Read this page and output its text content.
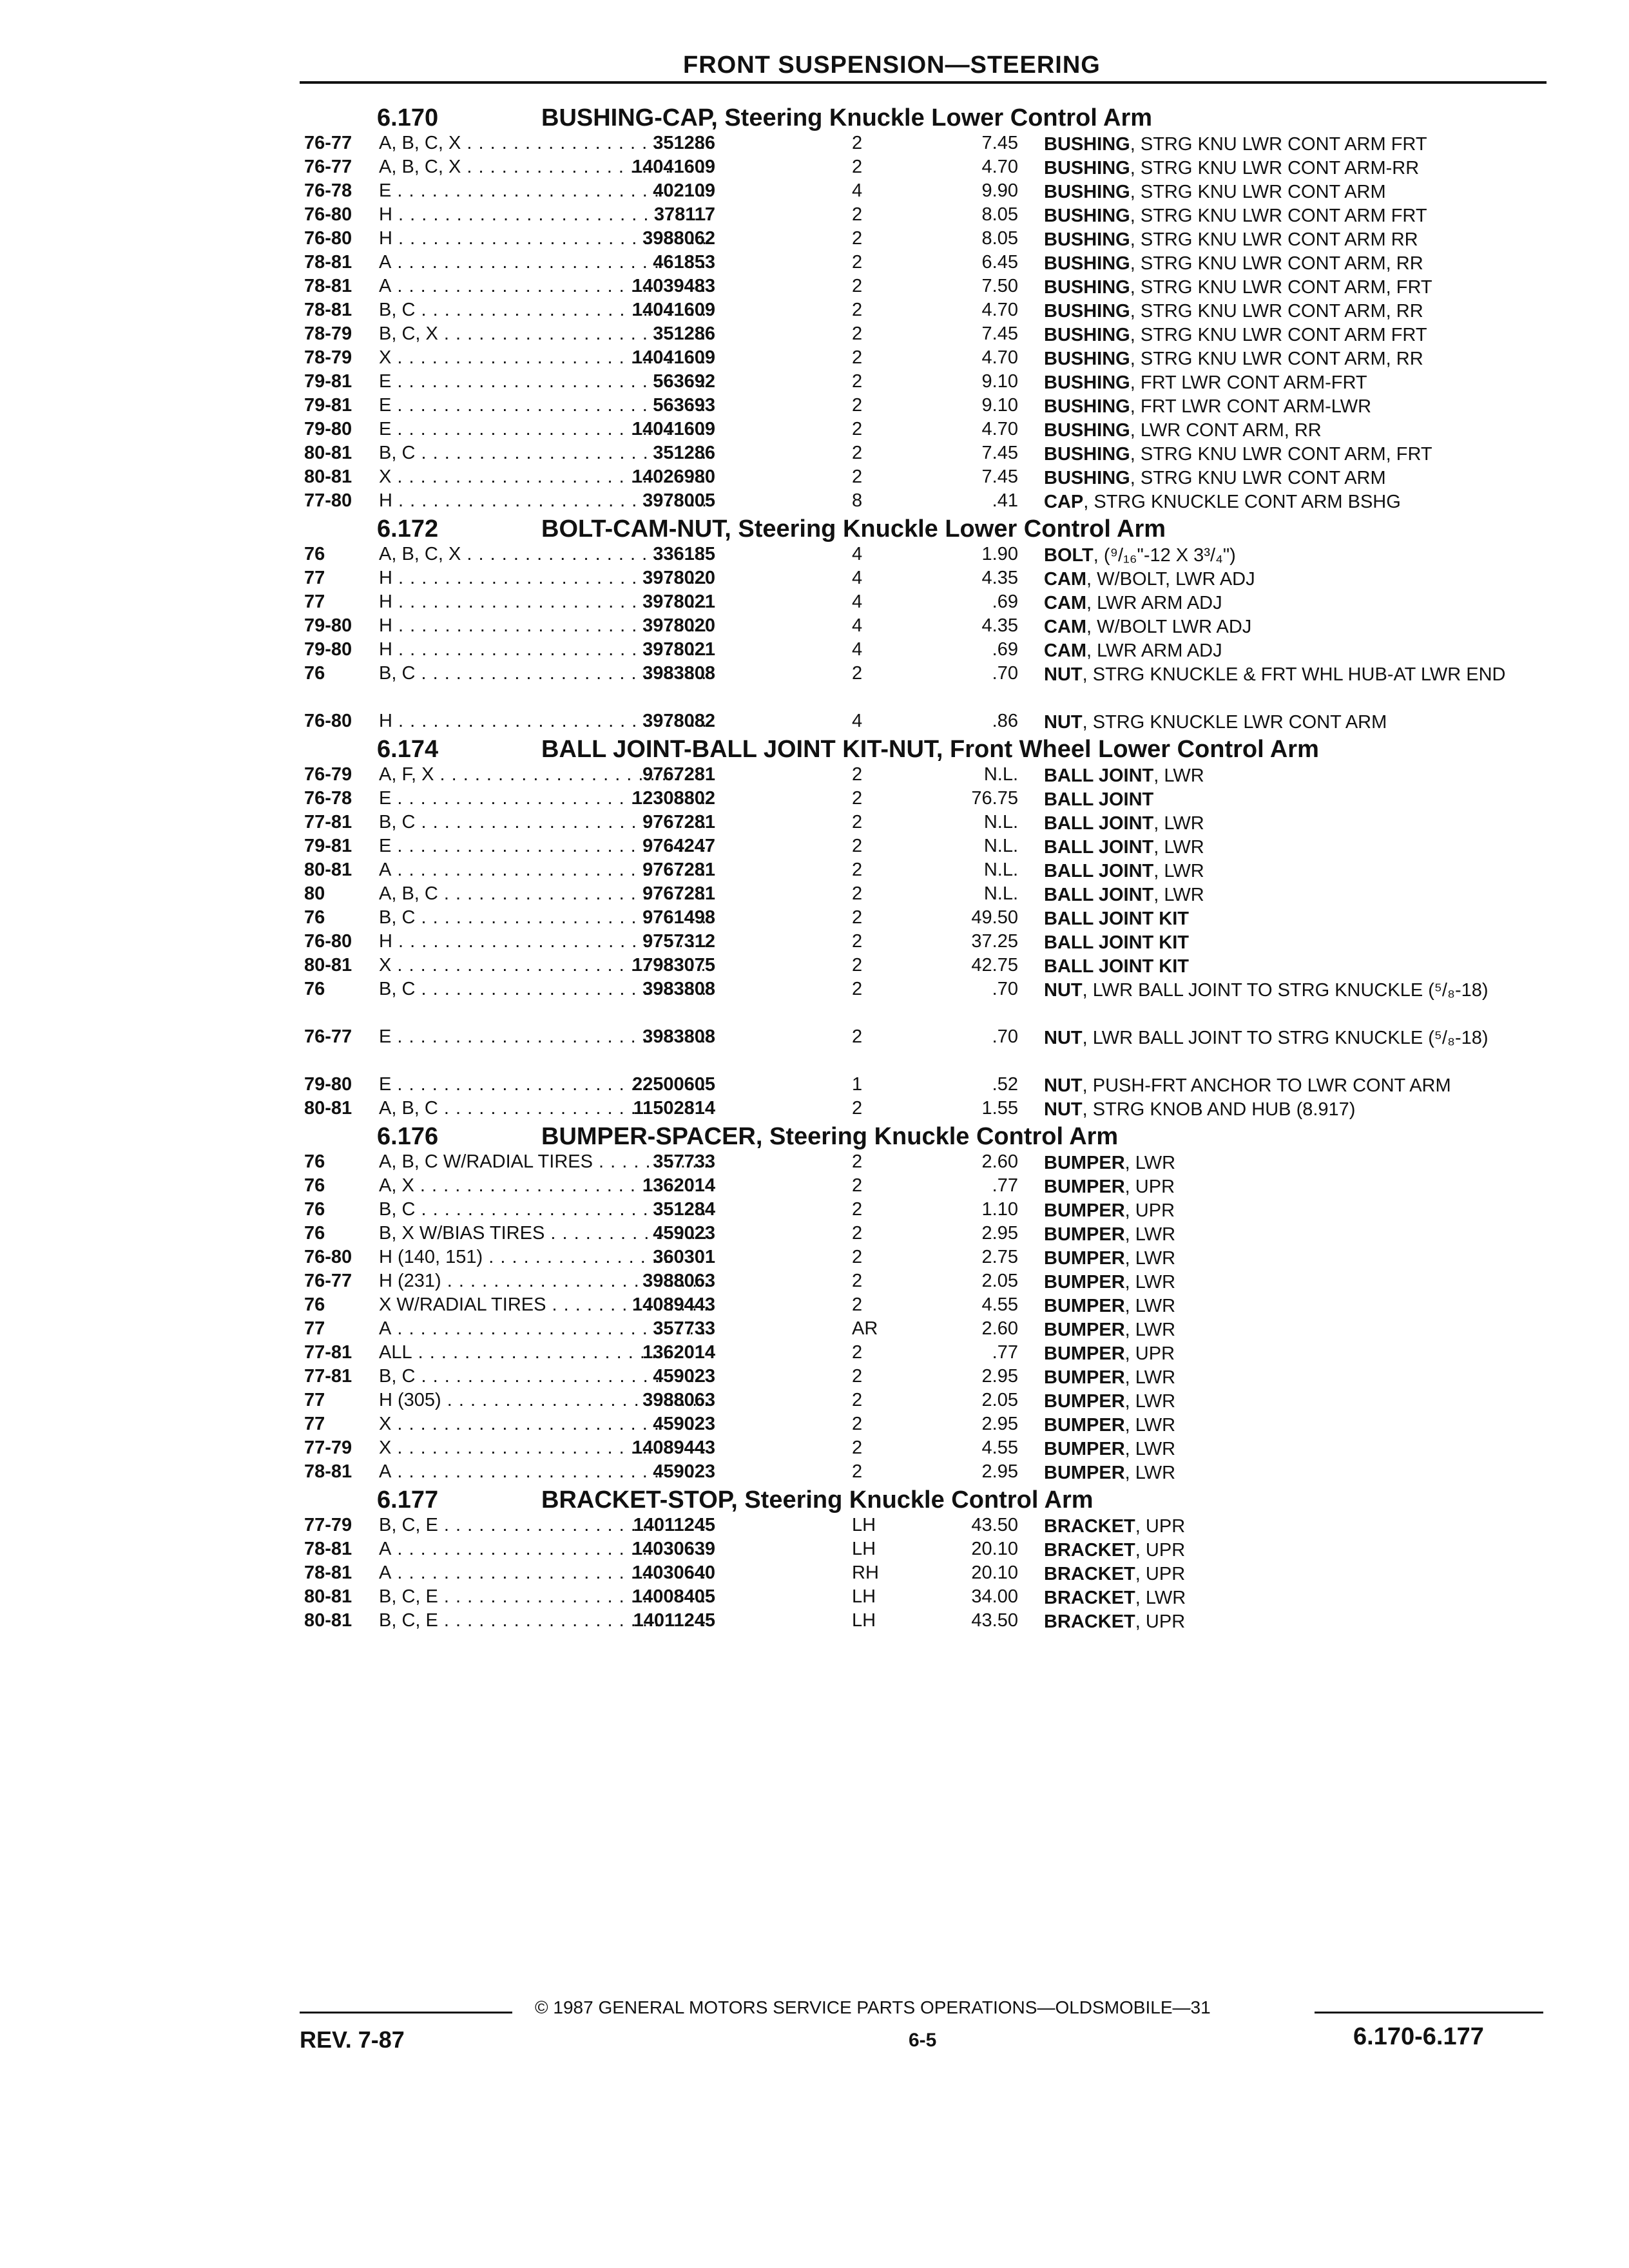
FRONT SUSPENSION—STEERING
6.170	BUSHING-CAP, Steering Knuckle Lower Control Arm
76-77 A, B, C, X . . .	351286	2	7.45 BUSHING, STRG KNU LWR CONT ARM FRT
76-77 A, B, C, X . . .	14041609	2	4.70 BUSHING, STRG KNU LWR CONT ARM-RR
76-78 E . . .	402109	4	9.90 BUSHING, STRG KNU LWR CONT ARM
76-80 H . . .	378117	2	8.05 BUSHING, STRG KNU LWR CONT ARM FRT
76-80 H . . .	3988062	2	8.05 BUSHING, STRG KNU LWR CONT ARM RR
78-81 A . . .	461853	2	6.45 BUSHING, STRG KNU LWR CONT ARM, RR
78-81 A . . .	14039483	2	7.50 BUSHING, STRG KNU LWR CONT ARM, FRT
78-81 B, C . . .	14041609	2	4.70 BUSHING, STRG KNU LWR CONT ARM, RR
78-79 B, C, X . . .	351286	2	7.45 BUSHING, STRG KNU LWR CONT ARM FRT
78-79 X . . .	14041609	2	4.70 BUSHING, STRG KNU LWR CONT ARM, RR
79-81 E . . .	563692	2	9.10 BUSHING, FRT LWR CONT ARM-FRT
79-81 E . . .	563693	2	9.10 BUSHING, FRT LWR CONT ARM-LWR
79-80 E . . .	14041609	2	4.70 BUSHING, LWR CONT ARM, RR
80-81 B, C . . .	351286	2	7.45 BUSHING, STRG KNU LWR CONT ARM, FRT
80-81 X . . .	14026980	2	7.45 BUSHING, STRG KNU LWR CONT ARM
77-80 H . . .	3978005	8	.41 CAP, STRG KNUCKLE CONT ARM BSHG
6.172	BOLT-CAM-NUT, Steering Knuckle Lower Control Arm
76	A, B, C, X . . .	336185	4	1.90 BOLT, (⁹/₁₆"-12 X 3³/₄")
77	H . . .	3978020	4	4.35 CAM, W/BOLT, LWR ADJ
77	H . . .	3978021	4	.69 CAM, LWR ARM ADJ
79-80 H . . .	3978020	4	4.35 CAM, W/BOLT LWR ADJ
79-80 H . . .	3978021	4	.69 CAM, LWR ARM ADJ
76	B, C . . .	3983808	2	.70 NUT, STRG KNUCKLE & FRT WHL HUB-AT LWR END
76-80 H . . .	3978082	4	.86 NUT, STRG KNUCKLE LWR CONT ARM
6.174	BALL JOINT-BALL JOINT KIT-NUT, Front Wheel Lower Control Arm
76-79 A, F, X . . .	9767281	2	N.L. BALL JOINT, LWR
76-78 E . . .	12308802	2	76.75 BALL JOINT
77-81 B, C . . .	9767281	2	N.L. BALL JOINT, LWR
79-81 E . . .	9764247	2	N.L. BALL JOINT, LWR
80-81 A . . .	9767281	2	N.L. BALL JOINT, LWR
80	A, B, C . . .	9767281	2	N.L. BALL JOINT, LWR
76	B, C . . .	9761498	2	49.50 BALL JOINT KIT
76-80 H . . .	9757312	2	37.25 BALL JOINT KIT
80-81 X . . .	17983075	2	42.75 BALL JOINT KIT
76	B, C . . .	3983808	2	.70 NUT, LWR BALL JOINT TO STRG KNUCKLE (⁵/₈-18)
76-77 E . . .	3983808	2	.70 NUT, LWR BALL JOINT TO STRG KNUCKLE (⁵/₈-18)
79-80 E . . .	22500605	1	.52 NUT, PUSH-FRT ANCHOR TO LWR CONT ARM
80-81 A, B, C . . .	11502814	2	1.55 NUT, STRG KNOB AND HUB (8.917)
6.176	BUMPER-SPACER, Steering Knuckle Control Arm
76	A, B, C W/RADIAL TIRES . . .	357733	2	2.60 BUMPER, LWR
76	A, X . . .	1362014	2	.77 BUMPER, UPR
76	B, C . . .	351284	2	1.10 BUMPER, UPR
76	B, X W/BIAS TIRES . . .	459023	2	2.95 BUMPER, LWR
76-80 H (140, 151) . . .	360301	2	2.75 BUMPER, LWR
76-77 H (231) . . .	3988063	2	2.05 BUMPER, LWR
76	X W/RADIAL TIRES . . .	14089443	2	4.55 BUMPER, LWR
77	A . . .	357733	AR	2.60 BUMPER, LWR
77-81 ALL . . .	1362014	2	.77 BUMPER, UPR
77-81 B, C . . .	459023	2	2.95 BUMPER, LWR
77	H (305) . . .	3988063	2	2.05 BUMPER, LWR
77	X . . .	459023	2	2.95 BUMPER, LWR
77-79 X . . .	14089443	2	4.55 BUMPER, LWR
78-81 A . . .	459023	2	2.95 BUMPER, LWR
6.177	BRACKET-STOP, Steering Knuckle Control Arm
77-79 B, C, E . . .	14011245	LH	43.50 BRACKET, UPR
78-81 A . . .	14030639	LH	20.10 BRACKET, UPR
78-81 A . . .	14030640	RH	20.10 BRACKET, UPR
80-81 B, C, E . . .	14008405	LH	34.00 BRACKET, LWR
80-81 B, C, E . . .	14011245	LH	43.50 BRACKET, UPR
© 1987 GENERAL MOTORS SERVICE PARTS OPERATIONS—OLDSMOBILE—31
REV. 7-87	6-5	6.170-6.177
